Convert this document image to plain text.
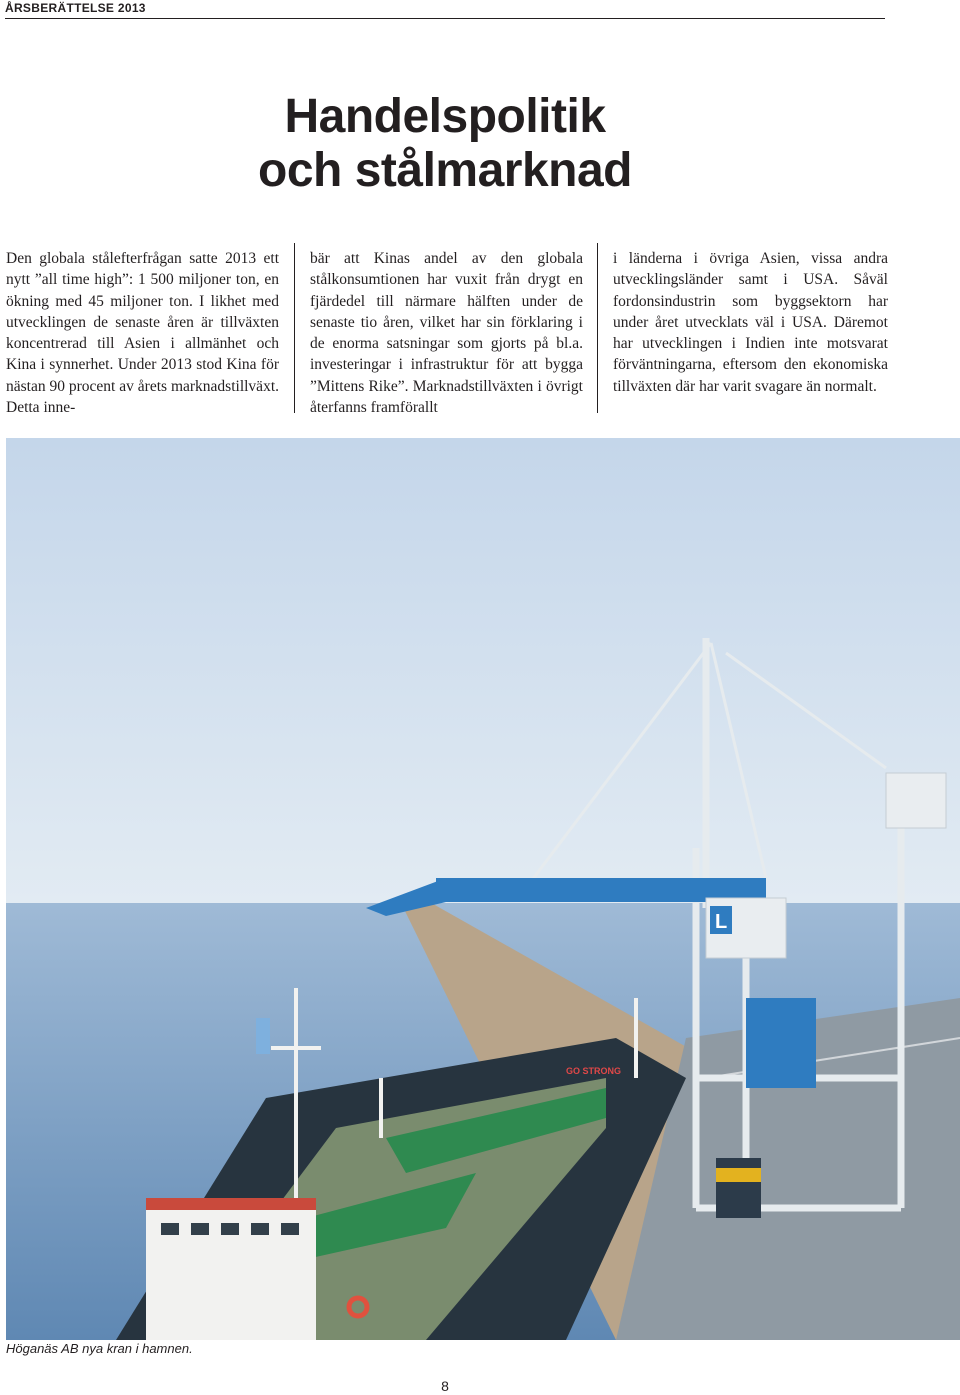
ÅRSBERÄTTELSE 2013
Handelspolitik
och stålmarknad
Den globala stålefterfrågan satte 2013 ett nytt ”all time high”: 1 500 miljoner ton, en ökning med 45 miljoner ton. I likhet med utvecklingen de senaste åren är tillväxten koncentrerad till Asien i allmänhet och Kina i synnerhet. Under 2013 stod Kina för nästan 90 procent av årets marknadstillväxt. Detta inne-
bär att Kinas andel av den globala stålkonsumtionen har vuxit från drygt en fjärdedel till närmare hälften under de senaste tio åren, vilket har sin förklaring i de enorma satsningar som gjorts på bl.a. investeringar i infrastruktur för att bygga ”Mittens Rike”. Marknadstillväxten i övrigt återfanns framförallt
i länderna i övriga Asien, vissa andra utvecklingsländer samt i USA. Såväl fordonsindustrin som byggsektorn har under året utvecklats väl i USA. Däremot har utvecklingen i Indien inte motsvarat förväntningarna, eftersom den ekonomiska tillväxten där har varit svagare än normalt.
L
GO STRONG
Höganäs AB nya kran i hamnen.
8
